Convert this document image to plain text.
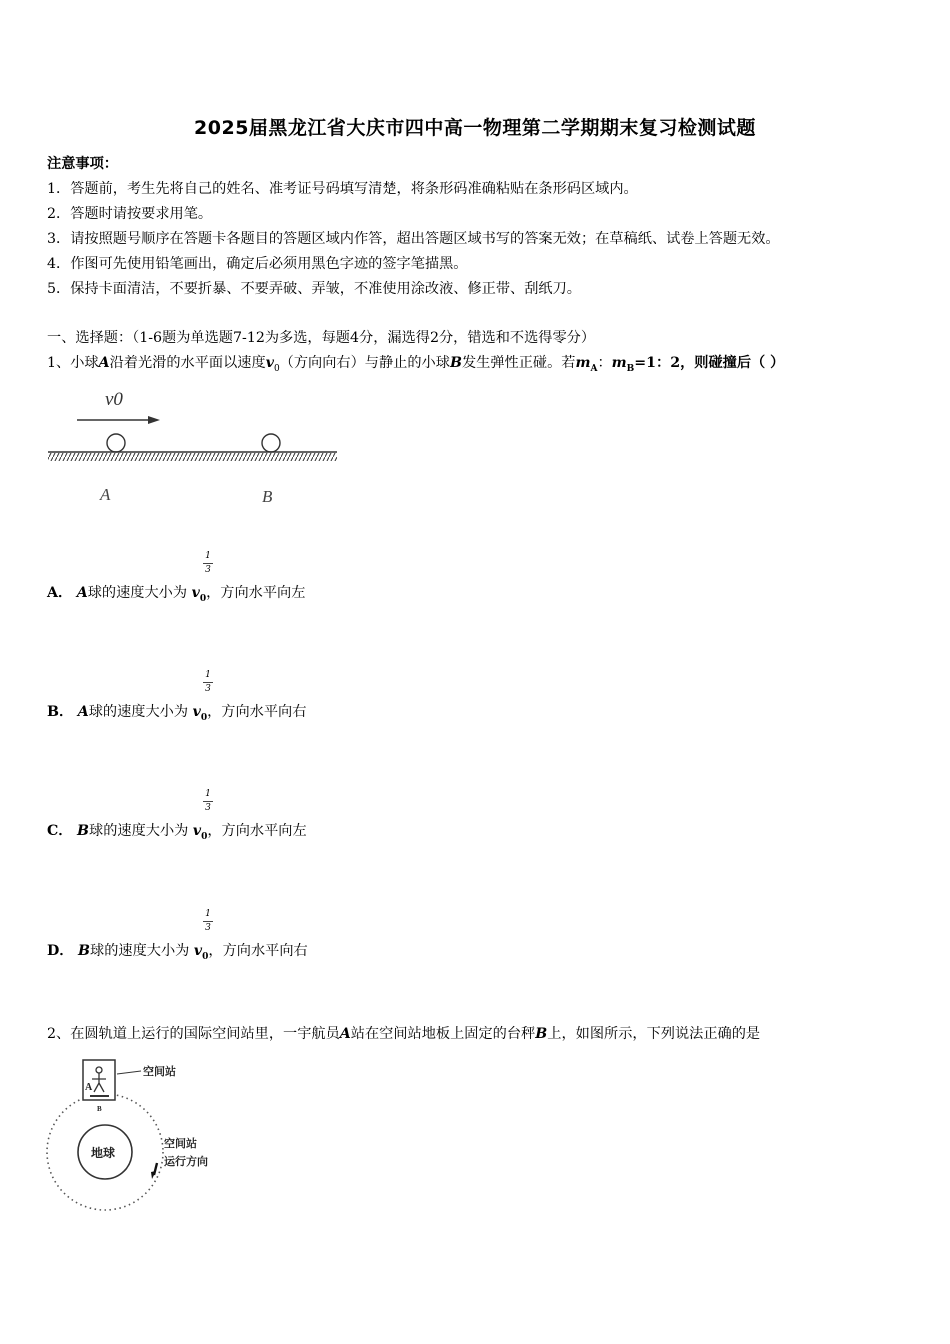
2025届黑龙江省大庆市四中高一物理第二学期期末复习检测试题
注意事项：
1．答题前，考生先将自己的姓名、准考证号码填写清楚，将条形码准确粘贴在条形码区域内。
2．答题时请按要求用笔。
3．请按照题号顺序在答题卡各题目的答题区域内作答，超出答题区域书写的答案无效；在草稿纸、试卷上答题无效。
4．作图可先使用铅笔画出，确定后必须用黑色字迹的签字笔描黑。
5．保持卡面清洁，不要折暴、不要弄破、弄皱，不准使用涂改液、修正带、刮纸刀。
一、选择题：（1-6题为单选题7-12为多选，每题4分，漏选得2分，错选和不选得零分）
1、小球A沿着光滑的水平面以速度$v_0$（方向向右）与静止的小球B发生弹性正碰。若$m_A$：$m_B=1$：2，则碰撞后（ ）
v0
A	B
1
3
A． A球的速度大小为 $v_0$，方向水平向左
1
3
B． A球的速度大小为 $v_0$，方向水平向右
1
3
C． B球的速度大小为 $v_0$，方向水平向左
1
3
D． B球的速度大小为 $v_0$，方向水平向右
2、在圆轨道上运行的国际空间站里，一宇航员A站在空间站地板上固定的台秤B上，如图所示，下列说法正确的是
地球
A
B
空间站
空间站
运行方向
